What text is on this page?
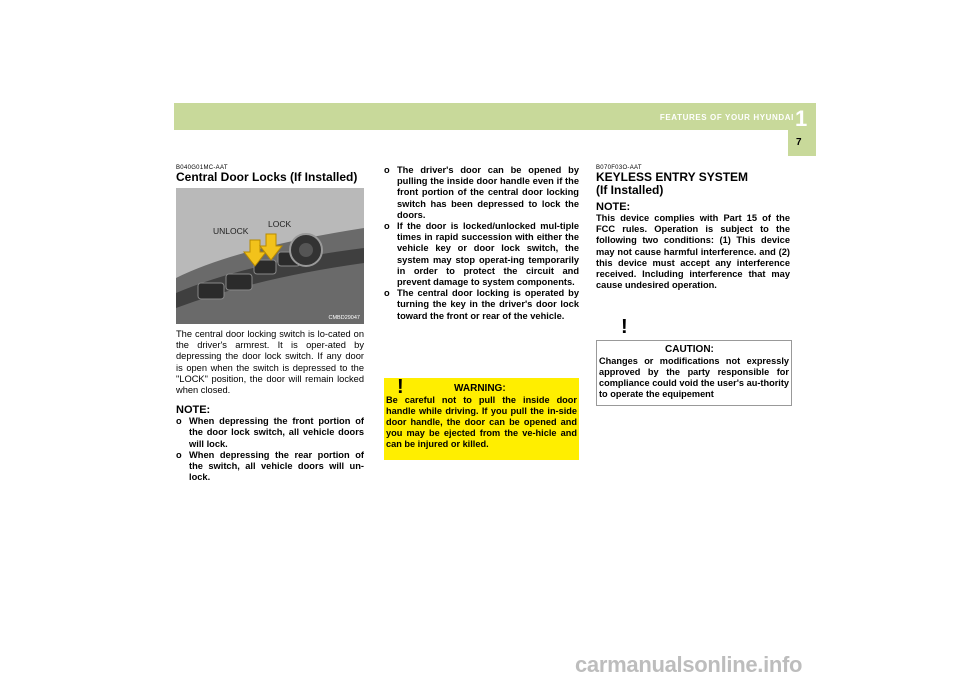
FEATURES OF YOUR HYUNDAI 1
7
B040G01MC-AAT
Central Door Locks (If Installed)
UNLOCK
LOCK
CMBD29047
The central door locking switch is lo-cated on the driver's armrest. It is oper-ated by depressing the door lock switch. If any door is open when the switch is depressed to the "LOCK" position, the door will remain locked when closed.
NOTE:
o When depressing the front portion of the door lock switch, all vehicle doors will lock.
o When depressing the rear portion of the switch, all vehicle doors will un-lock.
o The driver's door can be opened by pulling the inside door handle even if the front portion of the central door locking switch has been depressed to lock the doors.
o If the door is locked/unlocked mul-tiple times in rapid succession with either the vehicle key or door lock switch, the system may stop operat-ing temporarily in order to protect the circuit and prevent damage to system components.
o The central door locking is operated by turning the key in the driver's door lock toward the front or rear of the vehicle.
!	WARNING:
Be careful not to pull the inside door handle while driving. If you pull the in-side door handle, the door can be opened and you may be ejected from the ve-hicle and can be injured or killed.
B070F03O-AAT
KEYLESS ENTRY SYSTEM
(If Installed)
NOTE:
This device complies with Part 15 of the FCC rules. Operation is subject to the following two conditions: (1) This device may not cause harmful interference. and (2) this device must accept any interference received. Including interference that may cause undesired operation.
!
CAUTION:
Changes or modifications not expressly approved by the party responsible for compliance could void the user's au-thority to operate the equipement
carmanualsonline.info
